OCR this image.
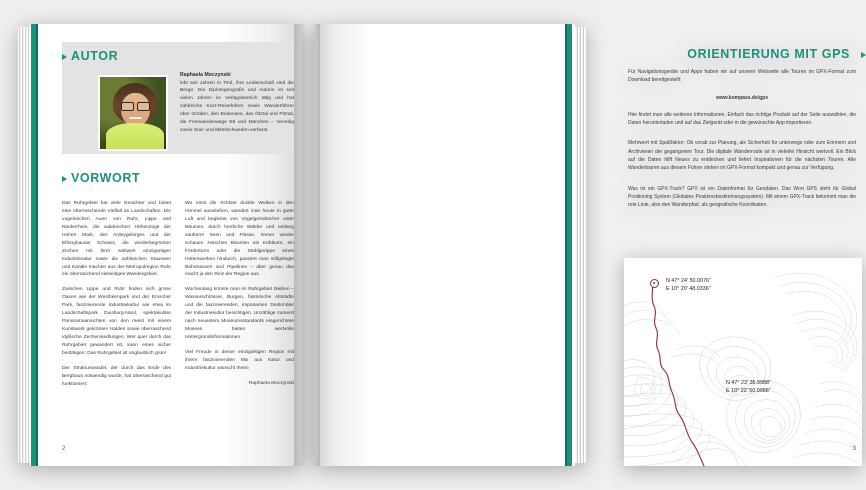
AUTOR
Raphaela Moczynski
lebt seit Jahren in Tirol, ihre Leidenschaft sind die Berge. Die Diplomgeografin und Autorin ist seit vielen Jahren im Verlagsbereich tätig und hat zahlreiche Kurz-Reiseführer sowie Wanderführer über Gröden, den Bodensee, das Ötztal und Pitztal, die Fernwanderwege E5 und München – Venedig sowie Süd- und Mittelschweden verfasst.
VORWORT

Das Ruhrgebiet hat viele Gesichter und bietet eine überraschende Vielfalt an Landschaften. Die vogelreichen Auen von Ruhr, Lippe und Niederrhein, die waldreichen Höhenzüge der Hohen Mark, des Ardeygebirges und der Elfringhauser Schweiz, die wiederbegrünten Zechen mit ihrer weltweit einzigartigen Industrienatur sowie die zahlreichen Stauseen und Kanäle machen aus der Metropolregion Ruhr ein überraschend vielseitiges Wandergebiet.

Zwischen Lippe und Ruhr finden sich grüne Oasen wie der Westfalenpark und der Emscher Park, faszinierende Industriekultur wie etwa im Landschaftspark Duisburg-Nord, spektakuläre Panoramaansichten von den meist mit einem Kunstwerk gekrönten Halden sowie überraschend idyllische Zechensiedlungen. Wer quer durch das Ruhrgebiet gewandert ist, kann eines sicher bestätigen: Das Ruhrgebiet ist unglaublich grün!

Der Strukturwandel, der durch das Ende des Bergbaus notwendig wurde, hat überraschend gut funktioniert:

Wo einst die Schlote dunkle Wolken in den Himmel ausstießen, wandert man heute in guter Luft und begleitet von Vogelgezwitscher unter Bäumen, durch herrliche Wälder und entlang sauberer Seen und Flüsse. Immer wieder schauen zwischen Bäumen ein Kühlturm, ein Förderturm oder die Stahlgerippe eines Hüttenwerkes hindurch, passiert man stillgelegte Bahntrassen und Pipelines – aber genau das macht ja den Reiz der Region aus.

Wochenlang könnte man im Ruhrgebiet bleiben – Wasserschlösser, Burgen, historische Altstädte und die faszinierenden, imposanten Denkmäler der Industriekultur besichtigen. Unzählige zumeist nach neuestem Museumsstandards eingerichtete Museen bieten wertvolle Hintergrundinformationen.

Viel Freude in dieser einzigartigen Region mit ihrem faszinierenden Mix aus Natur und Industriekultur wünscht Ihnen

Raphaela Moczynski

2
ORIENTIERUNG MIT GPS

Für Navigationsgeräte und Apps haben wir auf unserer Webseite alle Touren im GPX-Format zum Download bereitgestellt:

www.kompass.de/gpx

Hier findet man alle weiteren Informationen. Einfach das richtige Produkt auf der Seite auswählen, die Daten herunterladen und auf das Zielgerät oder in die gewünschte App importieren.

Mehrwert mit Spaßfaktor: Ob vorab zur Planung, als Sicherheit für unterwegs oder zum Erinnern und Archivieren der gegangenen Tour. Die digitale Wanderroute ist in vielerlei Hinsicht wertvoll. Ein Blick auf die Daten hilft Neues zu entdecken und liefert Inspirationen für die nächsten Touren. Alle Wandertouren aus diesem Führer stehen im GPX-Format kompakt und genau zur Verfügung.

Was ist ein GPX-Track? GPX ist ein Datenformat für Geodaten. Das Wort GPS steht für Global Positioning System (Globales Positionsbestimmungssystem). Mit einem GPX-Track bekommt man die rote Linie, also den Wanderpfad, als geografische Koordinaten.

N 47° 24' 50.0076"
E 10° 20' 48.0336"
N 47° 23' 35.9988"
E 10° 22' 50.9988"
3
